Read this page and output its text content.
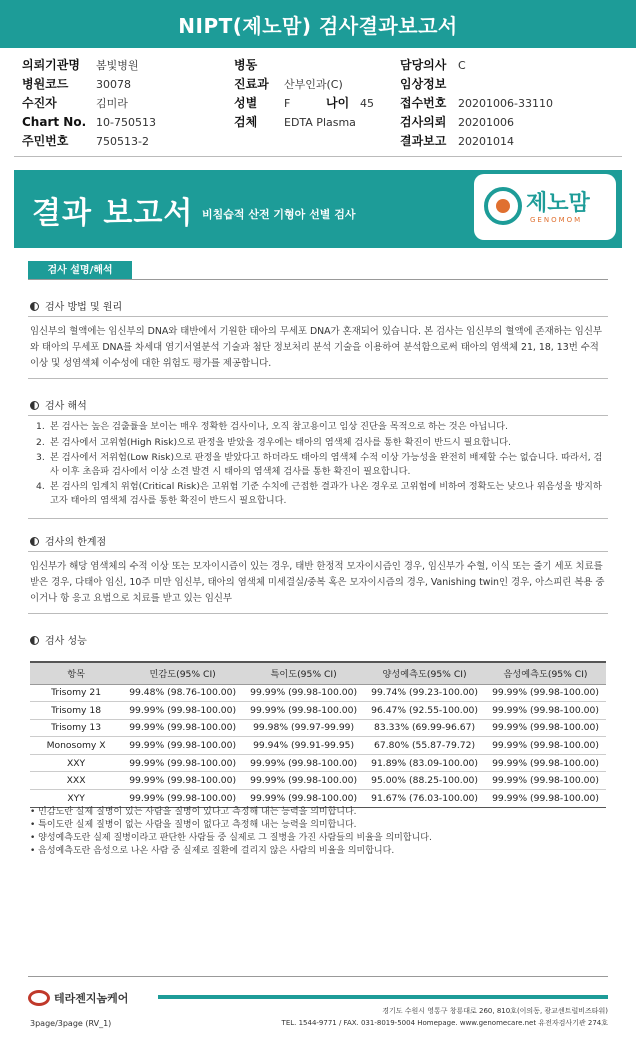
NIPT(제노맘) 검사결과보고서
의뢰기관명 봄빛병원
병원코드	30078
수진자	김미라
Chart No. 10-750513
주민번호	750513-2
병동
진료과 산부인과(C)
성별 F	나이 45
검체 EDTA Plasma
담당의사 C
임상정보
접수번호 20201006-33110
검사의뢰 20201006
결과보고 20201014
결과 보고서 비침습적 산전 기형아 선별 검사	제노맘
GENOMOM
검사 설명/해석
검사 방법 및 원리
임신부의 혈액에는 임신부의 DNA와 태반에서 기원한 태아의 무세포 DNA가 혼재되어 있습니다. 본 검사는 임신부의 혈액에 존재하는 임신부와 태아의 무세포 DNA를 차세대 염기서열분석 기술과 첨단 정보처리 분석 기술을 이용하여 분석함으로써 태아의 염색체 21, 18, 13번 수적 이상 및 성염색체 이수성에 대한 위험도 평가를 제공합니다.
검사 해석
1. 본 검사는 높은 검출률을 보이는 매우 정확한 검사이나, 오직 참고용이고 임상 진단을 목적으로 하는 것은 아닙니다.
2. 본 검사에서 고위험(High Risk)으로 판정을 받았을 경우에는 태아의 염색체 검사를 통한 확진이 반드시 필요합니다.
3. 본 검사에서 저위험(Low Risk)으로 판정을 받았다고 하더라도 태아의 염색체 수적 이상 가능성을 완전히 배제할 수는 없습니다. 따라서, 검사 이후 초음파 검사에서 이상 소견 발견 시 태아의 염색체 검사를 통한 확진이 필요합니다.
4. 본 검사의 임계치 위험(Critical Risk)은 고위험 기준 수치에 근접한 결과가 나온 경우로 고위험에 비하여 정확도는 낮으나 위음성을 방지하고자 태아의 염색체 검사를 통한 확진이 반드시 필요합니다.
검사의 한계점
임신부가 해당 염색체의 수적 이상 또는 모자이시즘이 있는 경우, 태반 한정적 모자이시즘인 경우, 임신부가 수혈, 이식 또는 줄기 세포 치료를 받은 경우, 다태아 임신, 10주 미만 임신부, 태아의 염색체 미세결실/중복 혹은 모자이시즘의 경우, Vanishing twin인 경우, 아스피린 복용 중이거나 항 응고 요법으로 치료를 받고 있는 임신부
검사 성능
항목	민감도(95% CI)	특이도(95% CI)	양성예측도(95% CI)	음성예측도(95% CI)
Trisomy 21	99.48% (98.76-100.00)	99.99% (99.98-100.00)	99.74% (99.23-100.00)	99.99% (99.98-100.00)
Trisomy 18	99.99% (99.98-100.00)	99.99% (99.98-100.00)	96.47% (92.55-100.00)	99.99% (99.98-100.00)
Trisomy 13	99.99% (99.98-100.00)	99.98% (99.97-99.99)	83.33% (69.99-96.67)	99.99% (99.98-100.00)
Monosomy X	99.99% (99.98-100.00)	99.94% (99.91-99.95)	67.80% (55.87-79.72)	99.99% (99.98-100.00)
XXY	99.99% (99.98-100.00)	99.99% (99.98-100.00)	91.89% (83.09-100.00)	99.99% (99.98-100.00)
XXX	99.99% (99.98-100.00)	99.99% (99.98-100.00)	95.00% (88.25-100.00)	99.99% (99.98-100.00)
XYY	99.99% (99.98-100.00)	99.99% (99.98-100.00)	91.67% (76.03-100.00)	99.99% (99.98-100.00)
• 민감도란 실제 질병이 있는 사람을 질병이 있다고 측정해 내는 능력을 의미합니다.
• 특이도란 실제 질병이 없는 사람을 질병이 없다고 측정해 내는 능력을 의미합니다.
• 양성예측도란 실제 질병이라고 판단한 사람들 중 실제로 그 질병을 가진 사람들의 비율을 의미합니다.
• 음성예측도란 음성으로 나온 사람 중 실제로 질환에 걸리지 않은 사람의 비율을 의미합니다.
테라젠지놈케어
경기도 수원시 영통구 창룡대로 260, 810호(이의동, 광교센트럴비즈타워)
TEL. 1544-9771 / FAX. 031-8019-5004 Homepage. www.genomecare.net 유전자검사기관 274호
3page/3page (RV_1)
